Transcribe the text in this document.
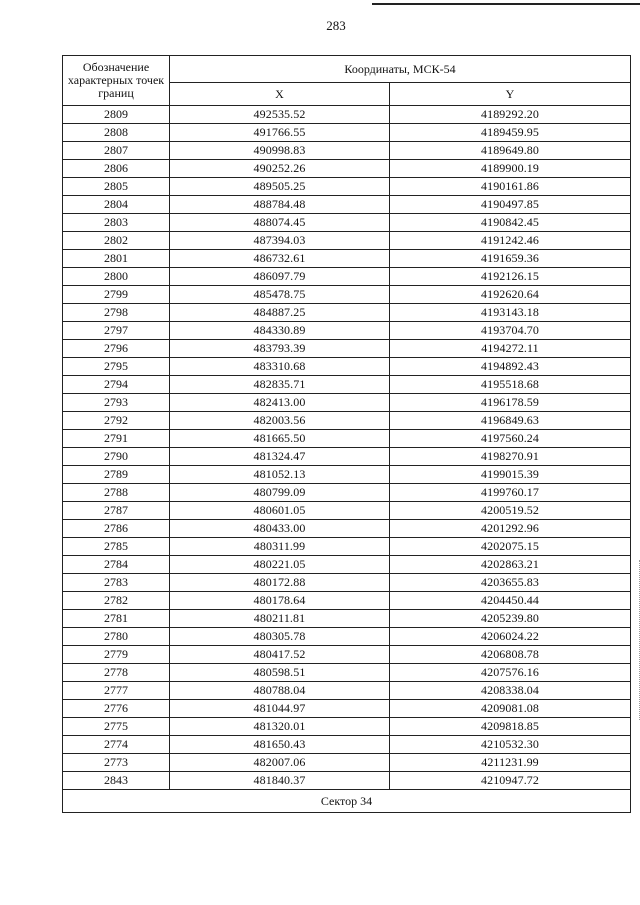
283
Обозначение характерных точек границ	Координаты, МСК-54	
	X	Y
2809	492535.52	4189292.20
2808	491766.55	4189459.95
2807	490998.83	4189649.80
2806	490252.26	4189900.19
2805	489505.25	4190161.86
2804	488784.48	4190497.85
2803	488074.45	4190842.45
2802	487394.03	4191242.46
2801	486732.61	4191659.36
2800	486097.79	4192126.15
2799	485478.75	4192620.64
2798	484887.25	4193143.18
2797	484330.89	4193704.70
2796	483793.39	4194272.11
2795	483310.68	4194892.43
2794	482835.71	4195518.68
2793	482413.00	4196178.59
2792	482003.56	4196849.63
2791	481665.50	4197560.24
2790	481324.47	4198270.91
2789	481052.13	4199015.39
2788	480799.09	4199760.17
2787	480601.05	4200519.52
2786	480433.00	4201292.96
2785	480311.99	4202075.15
2784	480221.05	4202863.21
2783	480172.88	4203655.83
2782	480178.64	4204450.44
2781	480211.81	4205239.80
2780	480305.78	4206024.22
2779	480417.52	4206808.78
2778	480598.51	4207576.16
2777	480788.04	4208338.04
2776	481044.97	4209081.08
2775	481320.01	4209818.85
2774	481650.43	4210532.30
2773	482007.06	4211231.99
2843	481840.37	4210947.72
Сектор 34		
